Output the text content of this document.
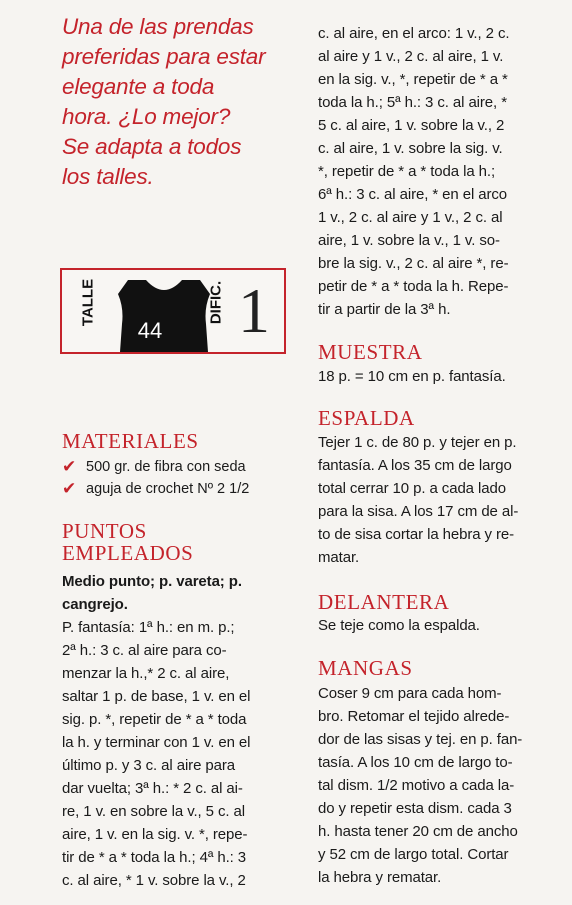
Una de las prendas
preferidas para estar
elegante a toda
hora. ¿Lo mejor?
Se adapta a todos
los talles.
TALLE
44
DIFIC. 1
MATERIALES
✔ 500 gr. de fibra con seda
✔ aguja de crochet Nº 2 1/2
PUNTOS
EMPLEADOS
Medio punto; p. vareta; p.
cangrejo.
P. fantasía: 1ª h.: en m. p.;
2ª h.: 3 c. al aire para co-
menzar la h.,* 2 c. al aire,
saltar 1 p. de base, 1 v. en el
sig. p. *, repetir de * a * toda
la h. y terminar con 1 v. en el
último p. y 3 c. al aire para
dar vuelta; 3ª h.: * 2 c. al ai-
re, 1 v. en sobre la v., 5 c. al
aire, 1 v. en la sig. v. *, repe-
tir de * a * toda la h.; 4ª h.: 3
c. al aire, * 1 v. sobre la v., 2
c. al aire, en el arco: 1 v., 2 c.
al aire y 1 v., 2 c. al aire, 1 v.
en la sig. v., *, repetir de * a *
toda la h.; 5ª h.: 3 c. al aire, *
5 c. al aire, 1 v. sobre la v., 2
c. al aire, 1 v. sobre la sig. v.
*, repetir de * a * toda la h.;
6ª h.: 3 c. al aire, * en el arco
1 v., 2 c. al aire y 1 v., 2 c. al
aire, 1 v. sobre la v., 1 v. so-
bre la sig. v., 2 c. al aire *, re-
petir de * a * toda la h. Repe-
tir a partir de la 3ª h.
MUESTRA
18 p. = 10 cm en p. fantasía.
ESPALDA
Tejer 1 c. de 80 p. y tejer en p.
fantasía. A los 35 cm de largo
total cerrar 10 p. a cada lado
para la sisa. A los 17 cm de al-
to de sisa cortar la hebra y re-
matar.
DELANTERA
Se teje como la espalda.
MANGAS
Coser 9 cm para cada hom-
bro. Retomar el tejido alrede-
dor de las sisas y tej. en p. fan-
tasía. A los 10 cm de largo to-
tal dism. 1/2 motivo a cada la-
do y repetir esta dism. cada 3
h. hasta tener 20 cm de ancho
y 52 cm de largo total. Cortar
la hebra y rematar.
